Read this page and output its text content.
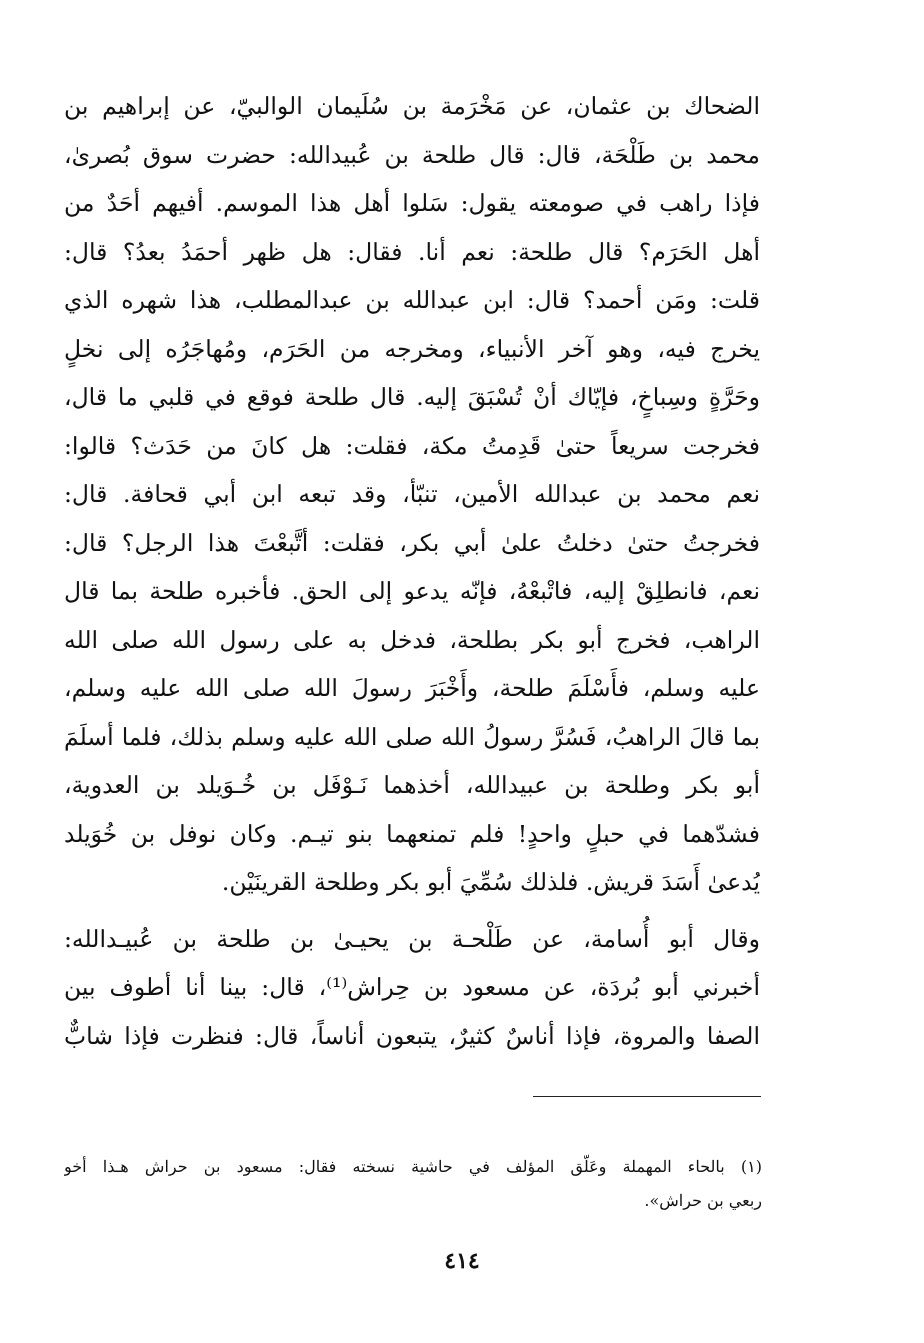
الضحاك بن عثمان، عن مَخْرَمة بن سُلَيمان الوالبيّ، عن إبراهيم بن
محمد بن طَلْحَة، قال: قال طلحة بن عُبيدالله: حضرت سوق بُصرىٰ،
فإذا راهب في صومعته يقول: سَلوا أهل هذا الموسم. أفيهم أحَدٌ من
أهل الحَرَم؟ قال طلحة: نعم أنا. فقال: هل ظهر أحمَدُ بعدُ؟ قال:
قلت: ومَن أحمد؟ قال: ابن عبدالله بن عبدالمطلب، هذا شهره الذي
يخرج فيه، وهو آخر الأنبياء، ومخرجه من الحَرَم، ومُهاجَرُه إلى نخلٍ
وحَرَّةٍ وسِباخٍ، فإيّاك أنْ تُسْبَقَ إليه. قال طلحة فوقع في قلبي ما قال،
فخرجت سريعاً حتىٰ قَدِمتُ مكة، فقلت: هل كانَ من حَدَث؟ قالوا:
نعم محمد بن عبدالله الأمين، تنبّأ، وقد تبعه ابن أبي قحافة. قال:
فخرجتُ حتىٰ دخلتُ علىٰ أبي بكر، فقلت: أتَّبعْتَ هذا الرجل؟ قال:
نعم، فانطلِقْ إليه، فاتْبعْهُ، فإنّه يدعو إلى الحق. فأخبره طلحة بما قال
الراهب، فخرج أبو بكر بطلحة، فدخل به على رسول الله صلى الله
عليه وسلم، فأَسْلَمَ طلحة، وأَخْبَرَ رسولَ الله صلى الله عليه وسلم،
بما قالَ الراهبُ، فَسُرَّ رسولُ الله صلى الله عليه وسلم بذلك، فلما أسلَمَ
أبو بكر وطلحة بن عبيدالله، أخذهما نَـوْفَل بن خُـوَيلد بن العدوية،
فشدّهما في حبلٍ واحدٍ! فلم تمنعهما بنو تيـم. وكان نوفل بن خُوَيلد
يُدعىٰ أَسَدَ قريش. فلذلك سُمِّيَ أبو بكر وطلحة القرينَيْن.
وقال أبو أُسامة، عن طَلْحـة بن يحيـىٰ بن طلحة بن عُبيـدالله:
أخبرني أبو بُردَة، عن مسعود بن حِراش⁽¹⁾، قال: بينا أنا أطوف بين
الصفا والمروة، فإذا أناسٌ كثيرٌ، يتبعون أناساً، قال: فنظرت فإذا شابٌّ
(١) بالحاء المهملة وعَلّق المؤلف في حاشية نسخته فقال: مسعود بن حراش هـذا أخو
ربعي بن حراش».
٤١٤
